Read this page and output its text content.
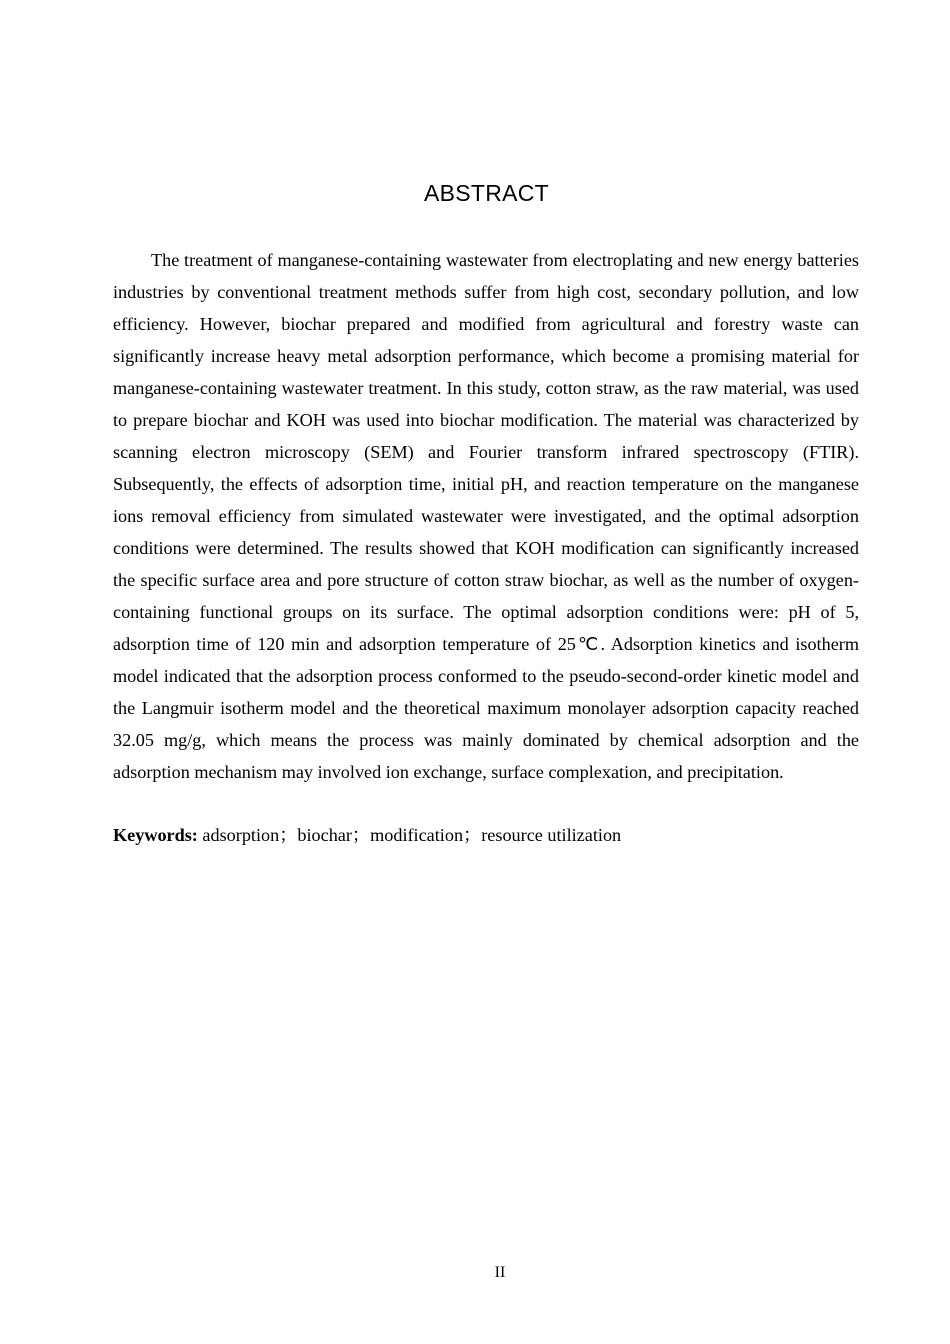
ABSTRACT

The treatment of manganese-containing wastewater from electroplating and new energy batteries industries by conventional treatment methods suffer from high cost, secondary pollution, and low efficiency. However, biochar prepared and modified from agricultural and forestry waste can significantly increase heavy metal adsorption performance, which become a promising material for manganese-containing wastewater treatment. In this study, cotton straw, as the raw material, was used to prepare biochar and KOH was used into biochar modification. The material was characterized by scanning electron microscopy (SEM) and Fourier transform infrared spectroscopy (FTIR). Subsequently, the effects of adsorption time, initial pH, and reaction temperature on the manganese ions removal efficiency from simulated wastewater were investigated, and the optimal adsorption conditions were determined. The results showed that KOH modification can significantly increased the specific surface area and pore structure of cotton straw biochar, as well as the number of oxygen-containing functional groups on its surface. The optimal adsorption conditions were: pH of 5, adsorption time of 120 min and adsorption temperature of 25℃. Adsorption kinetics and isotherm model indicated that the adsorption process conformed to the pseudo-second-order kinetic model and the Langmuir isotherm model and the theoretical maximum monolayer adsorption capacity reached 32.05 mg/g, which means the process was mainly dominated by chemical adsorption and the adsorption mechanism may involved ion exchange, surface complexation, and precipitation.

Keywords: adsorption；biochar；modification；resource utilization

II
